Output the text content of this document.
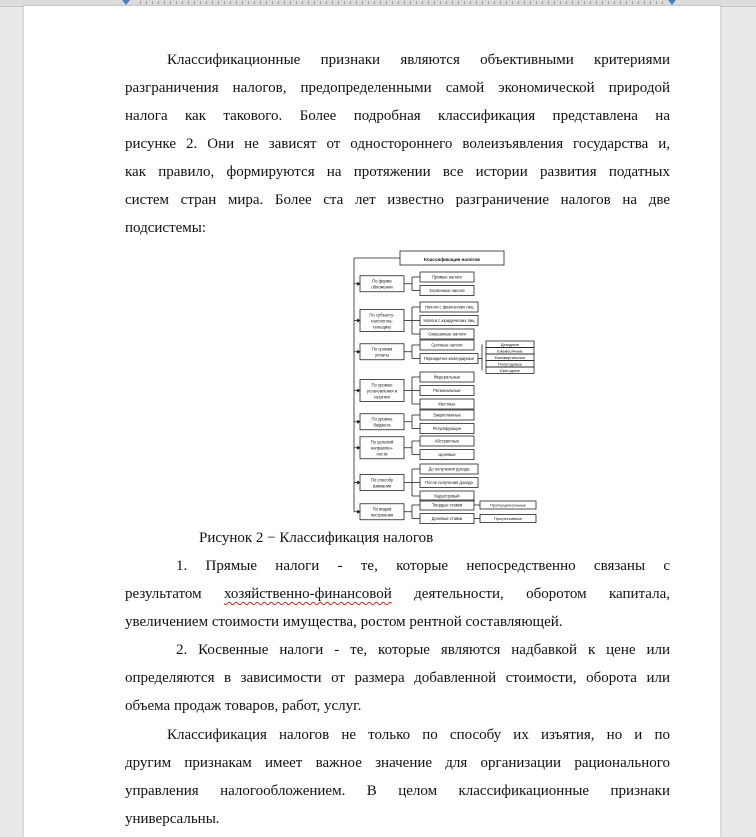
Классификационные признаки являются объективными критериями
разграничения налогов, предопределенными самой экономической природой
налога как такового. Более подробная классификация представлена на
рисунке 2. Они не зависят от одностороннего волеизъявления государства и,
как правило, формируются на протяжении все истории развития податных
систем стран мира. Более ста лет известно разграничение налогов на две
подсистемы:
Классификация налогов
По форме
обложения
Прямые налоги
Косвенные налоги
По субъекту-
налогопла-
тельщику
Налоги с физических лиц
Налоги с юридических лиц
Смешанные налоги
По срокам
уплаты
Срочные налоги
Периодично-календарные
Декадные
Ежемесячные
Ежеквартальные
Полугодовые
Ежегодные
По уровню
установления и
изъятия
Федеральные
Региональные
Местные
По уровню
бюджета
Закрепленные
Регулирующие
По целевой
направлен-
ности
Абстрактные
Целевые
По способу
взимания
До получения дохода
После получения дохода
Кадастровый
По видам
построения
Твердые ставки
Долевые ставки
Пропорциональные
Прогрессивные
Рисунок 2 − Классификация налогов
1. Прямые налоги - те, которые непосредственно связаны с
результатом хозяйственно-финансовой деятельности, оборотом капитала,
увеличением стоимости имущества, ростом рентной составляющей.
2. Косвенные налоги - те, которые являются надбавкой к цене или
определяются в зависимости от размера добавленной стоимости, оборота или
объема продаж товаров, работ, услуг.
Классификация налогов не только по способу их изъятия, но и по
другим признакам имеет важное значение для организации рационального
управления налогообложением. В целом классификационные признаки
универсальны.
